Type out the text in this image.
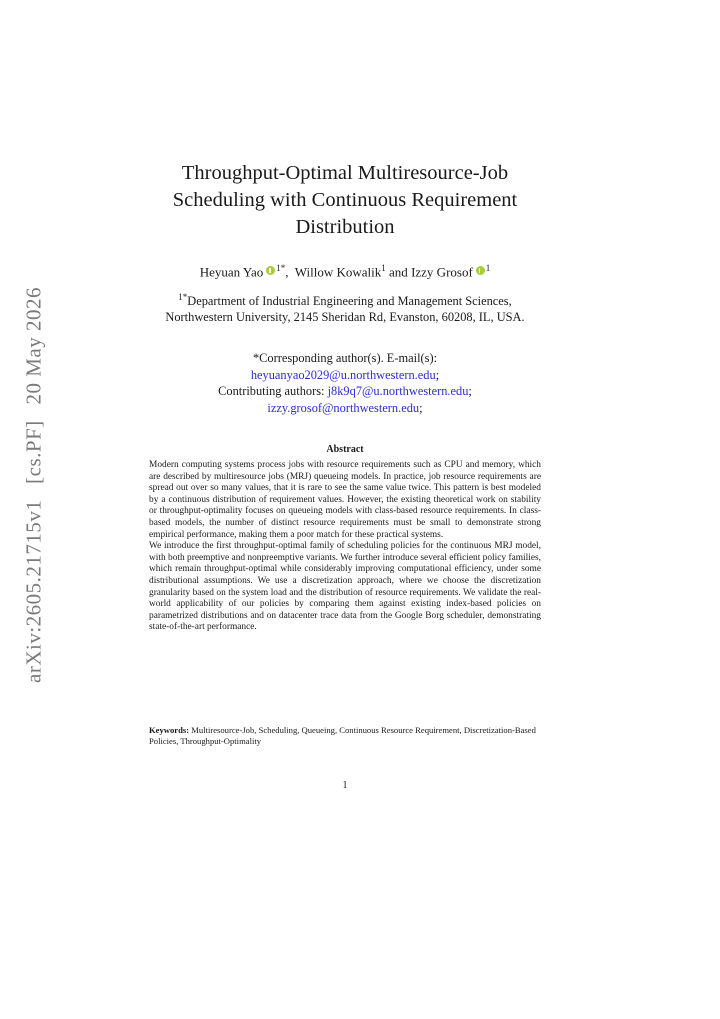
arXiv:2605.21715v1 [cs.PF] 20 May 2026
Throughput-Optimal Multiresource-Job
Scheduling with Continuous Requirement
Distribution
Heyuan Yao $^{1*}$,  Willow Kowalik$^1$ and Izzy Grosof $^1$
$^{1*}$Department of Industrial Engineering and Management Sciences,
Northwestern University, 2145 Sheridan Rd, Evanston, 60208, IL, USA.
*Corresponding author(s). E-mail(s):
heyuanyao2029@u.northwestern.edu;
Contributing authors: j8k9q7@u.northwestern.edu;
izzy.grosof@northwestern.edu;
Abstract

Modern computing systems process jobs with resource requirements such as CPU and memory, which are described by multiresource jobs (MRJ) queueing models. In practice, job resource requirements are spread out over so many values, that it is rare to see the same value twice. This pattern is best modeled by a continuous distribution of requirement values. However, the existing theoretical work on stability or throughput-optimality focuses on queueing models with class-based resource requirements. In class-based models, the number of distinct resource requirements must be small to demonstrate strong empirical performance, making them a poor match for these practical systems.

We introduce the first throughput-optimal family of scheduling policies for the continuous MRJ model, with both preemptive and nonpreemptive variants. We further introduce several efficient policy families, which remain throughput-optimal while considerably improving computational efficiency, under some distributional assumptions. We use a discretization approach, where we choose the discretization granularity based on the system load and the distribution of resource requirements. We validate the real-world applicability of our policies by comparing them against existing index-based policies on parametrized distributions and on datacenter trace data from the Google Borg scheduler, demonstrating state-of-the-art performance.

Keywords: Multiresource-Job, Scheduling, Queueing, Continuous Resource Requirement, Discretization-Based Policies, Throughput-Optimality
1
